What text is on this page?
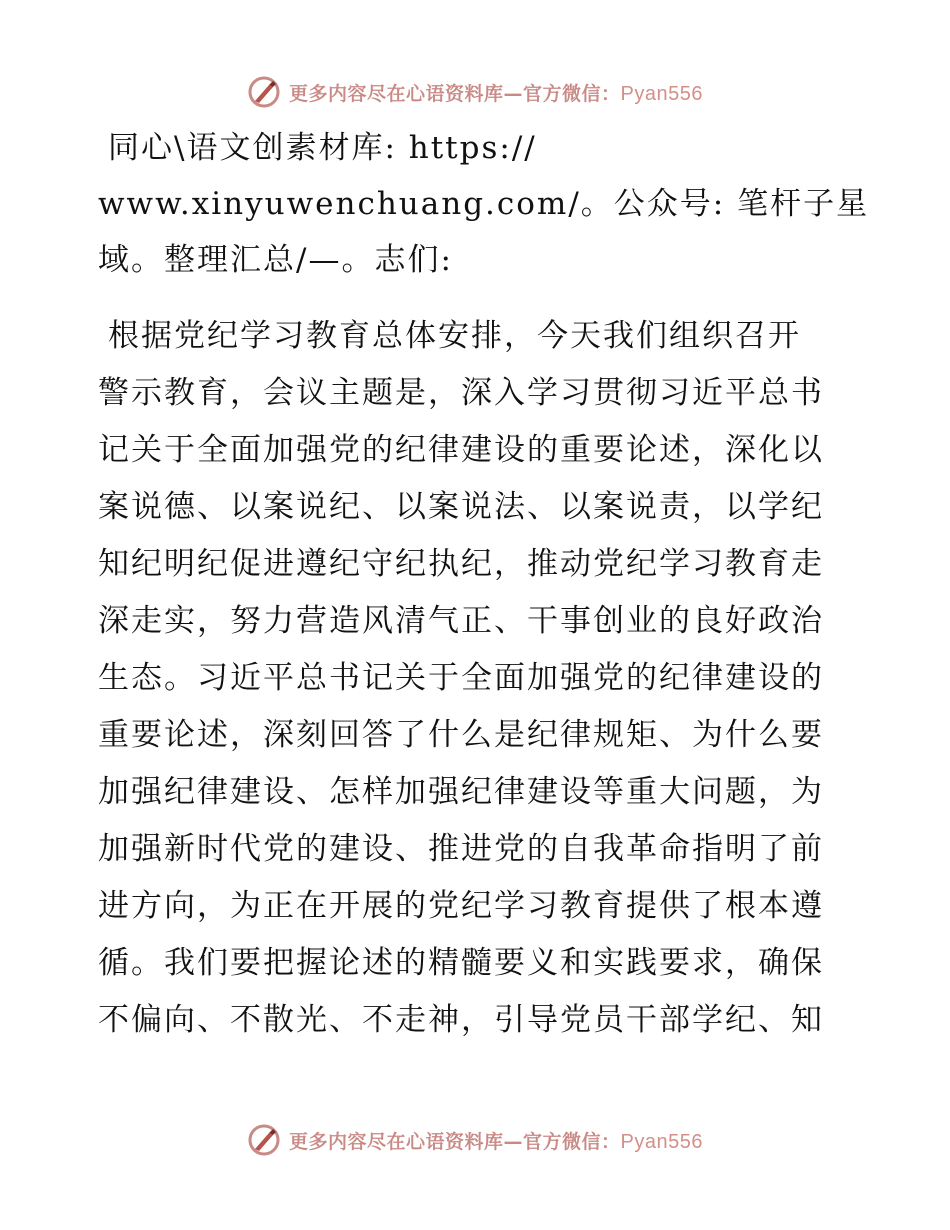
更多内容尽在心语资料库—官方微信：Pyan556
同心\语文创素材库: https://
www.xinyuwenchuang.com/。公众号: 笔杆子星
域。整理汇总/—。志们:
根据党纪学习教育总体安排，今天我们组织召开
警示教育，会议主题是，深入学习贯彻习近平总书
记关于全面加强党的纪律建设的重要论述，深化以
案说德、以案说纪、以案说法、以案说责，以学纪
知纪明纪促进遵纪守纪执纪，推动党纪学习教育走
深走实，努力营造风清气正、干事创业的良好政治
生态。习近平总书记关于全面加强党的纪律建设的
重要论述，深刻回答了什么是纪律规矩、为什么要
加强纪律建设、怎样加强纪律建设等重大问题，为
加强新时代党的建设、推进党的自我革命指明了前
进方向，为正在开展的党纪学习教育提供了根本遵
循。我们要把握论述的精髓要义和实践要求，确保
不偏向、不散光、不走神，引导党员干部学纪、知
更多内容尽在心语资料库—官方微信：Pyan556
